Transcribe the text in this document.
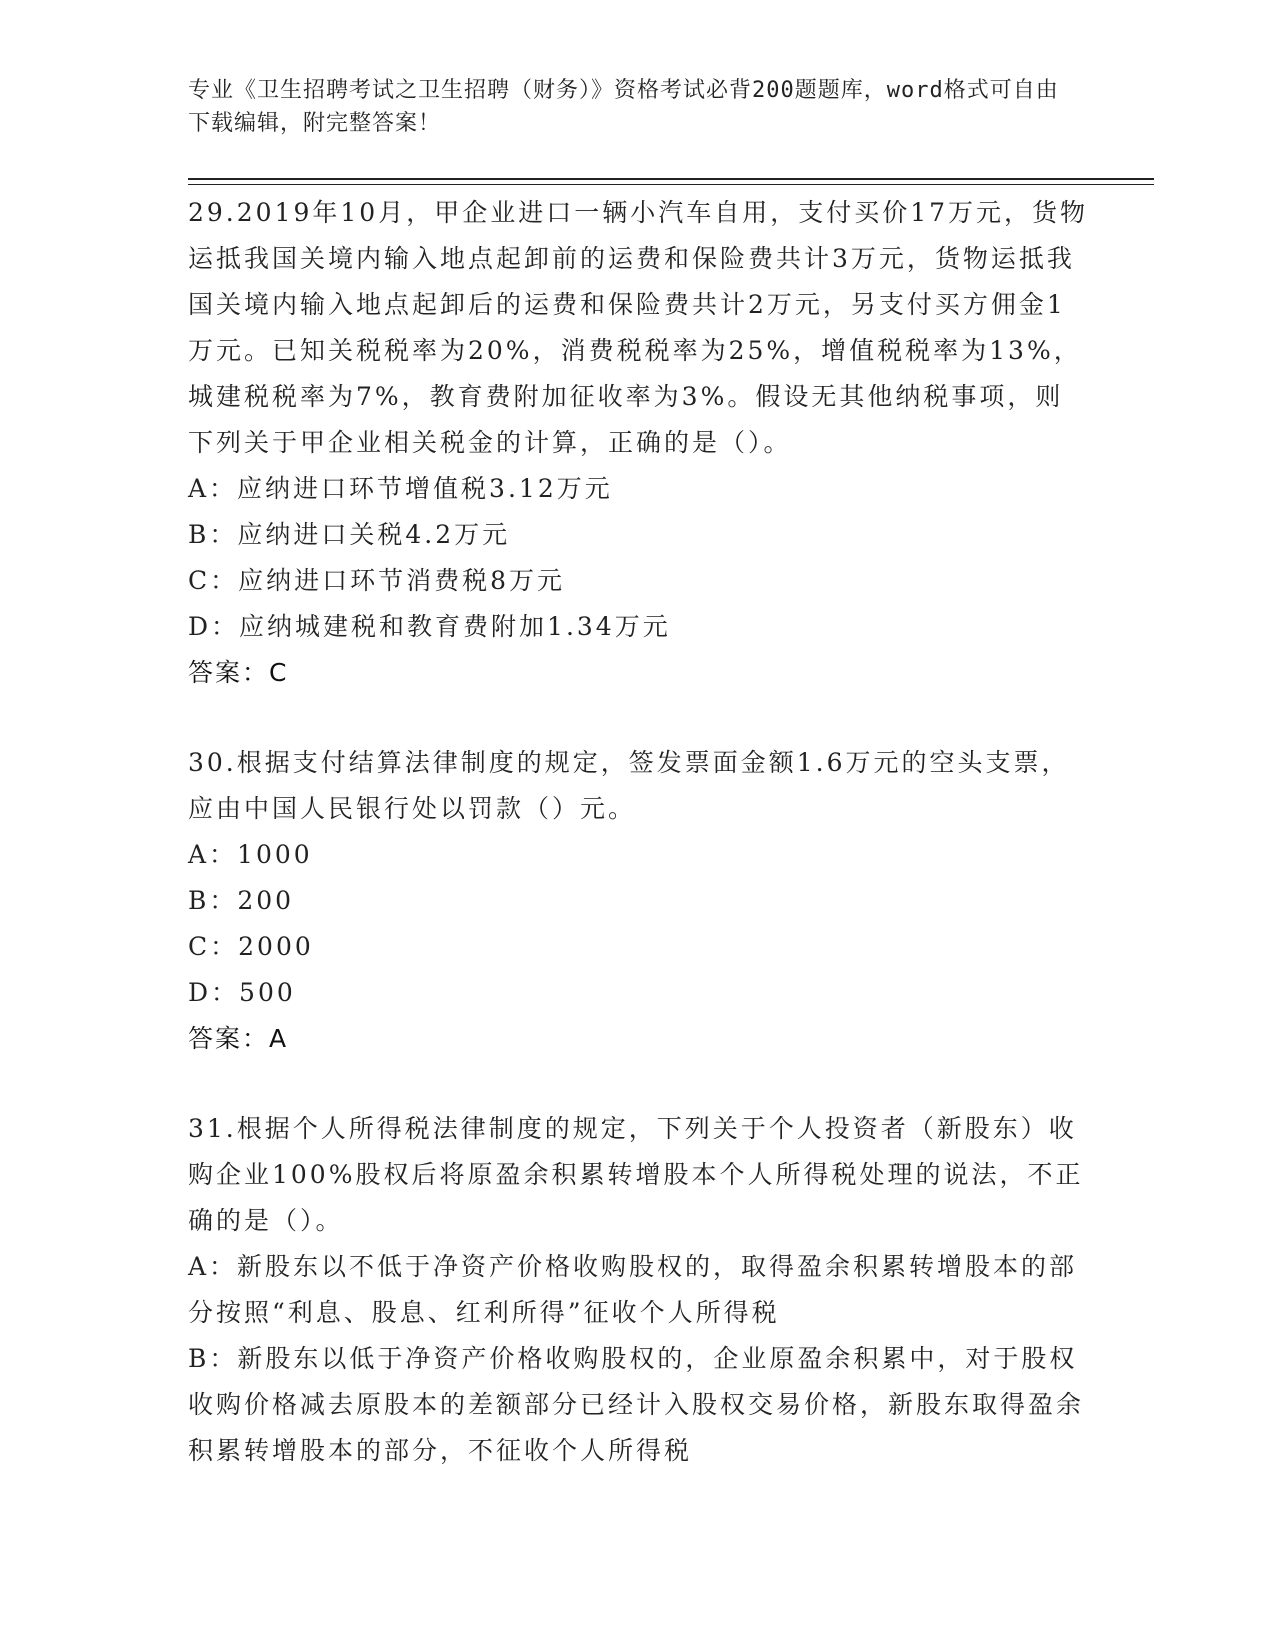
专业《卫生招聘考试之卫生招聘（财务）》资格考试必背200题题库，word格式可自由下载编辑，附完整答案！

29.2019年10月，甲企业进口一辆小汽车自用，支付买价17万元，货物运抵我国关境内输入地点起卸前的运费和保险费共计3万元，货物运抵我国关境内输入地点起卸后的运费和保险费共计2万元，另支付买方佣金1万元。已知关税税率为20%，消费税税率为25%，增值税税率为13%，城建税税率为7%，教育费附加征收率为3%。假设无其他纳税事项，则下列关于甲企业相关税金的计算，正确的是（）。

A：应纳进口环节增值税3.12万元

B：应纳进口关税4.2万元

C：应纳进口环节消费税8万元

D：应纳城建税和教育费附加1.34万元

答案：C

30.根据支付结算法律制度的规定，签发票面金额1.6万元的空头支票，应由中国人民银行处以罚款（）元。

A：1000

B：200

C：2000

D：500

答案：A

31.根据个人所得税法律制度的规定，下列关于个人投资者（新股东）收购企业100%股权后将原盈余积累转增股本个人所得税处理的说法，不正确的是（）。

A：新股东以不低于净资产价格收购股权的，取得盈余积累转增股本的部分按照“利息、股息、红利所得”征收个人所得税

B：新股东以低于净资产价格收购股权的，企业原盈余积累中，对于股权收购价格减去原股本的差额部分已经计入股权交易价格，新股东取得盈余积累转增股本的部分，不征收个人所得税
